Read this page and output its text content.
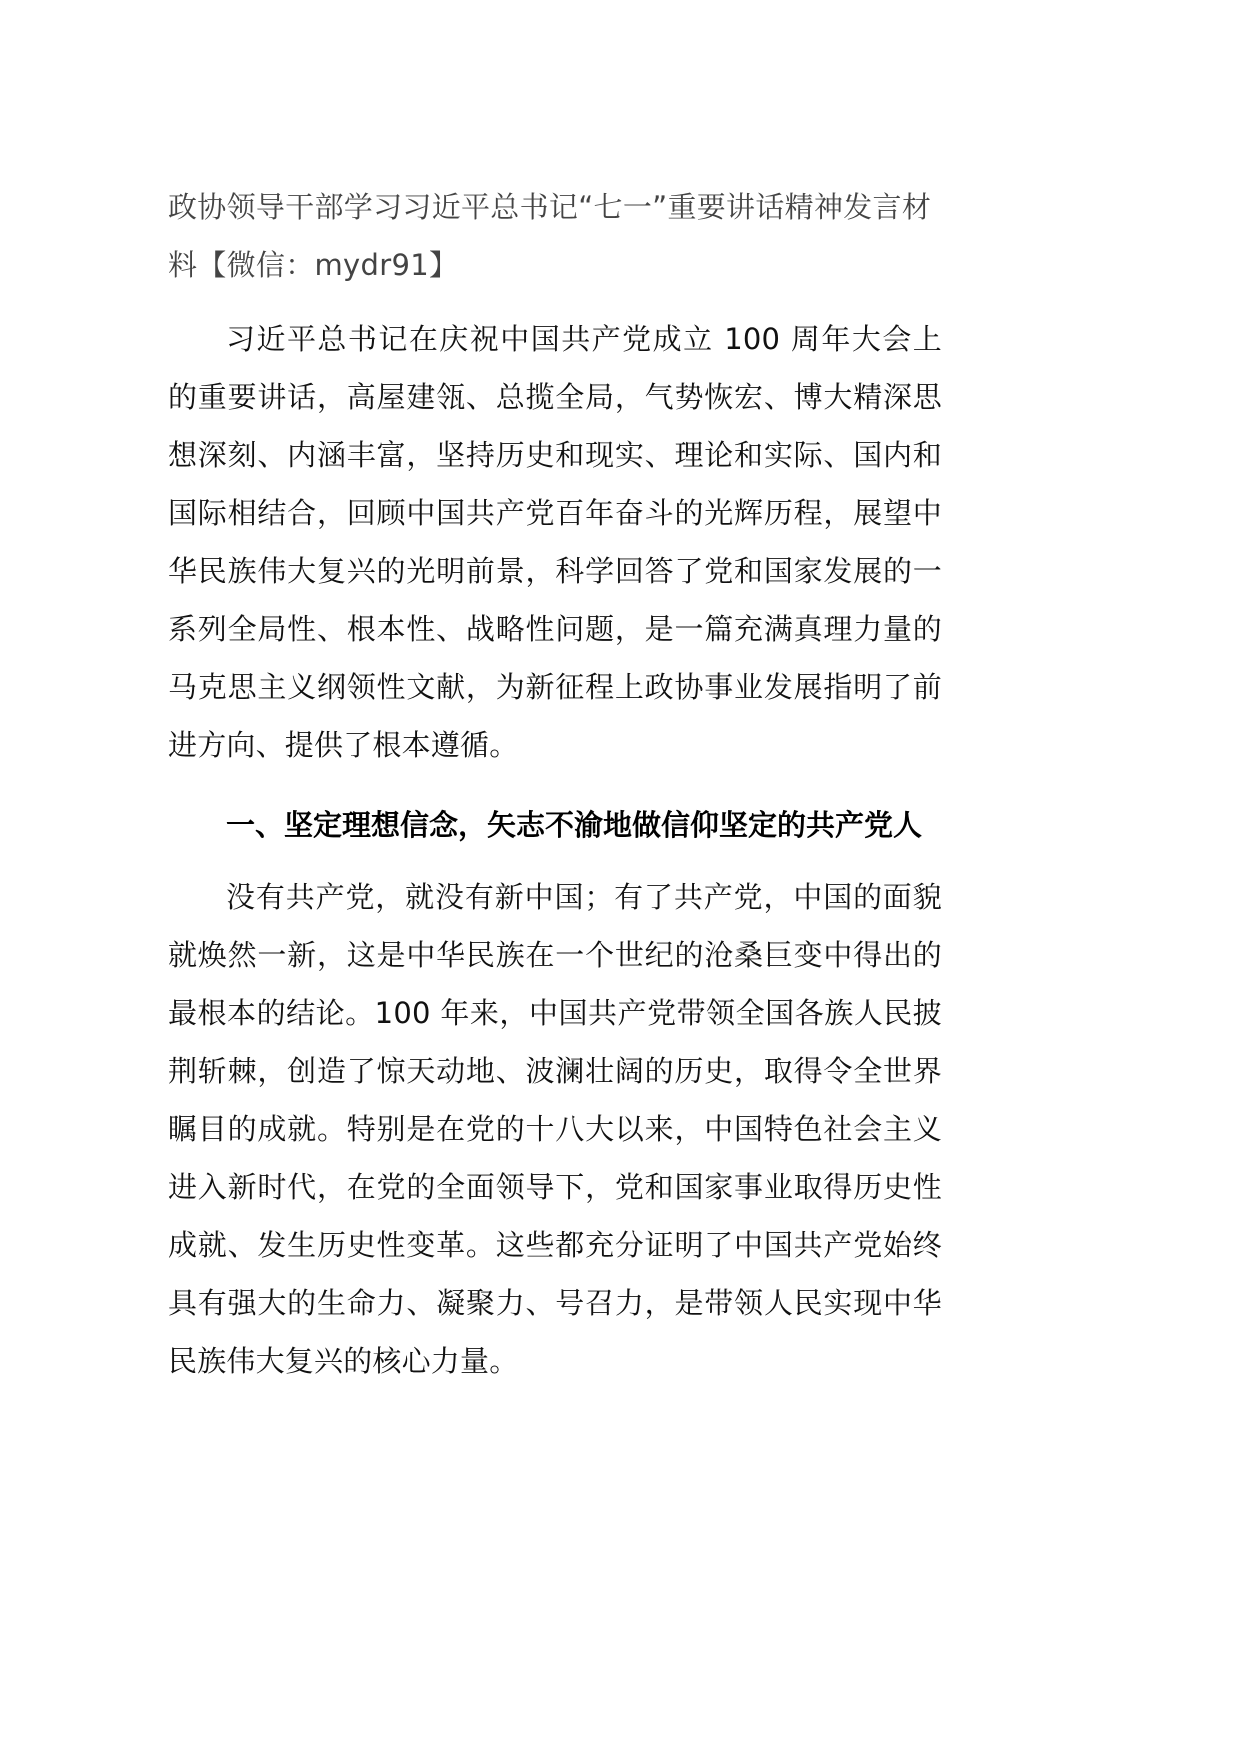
政协领导干部学习习近平总书记“七一”重要讲话精神发言材料【微信：mydr91】

习近平总书记在庆祝中国共产党成立 100 周年大会上的重要讲话，高屋建瓴、总揽全局，气势恢宏、博大精深思想深刻、内涵丰富，坚持历史和现实、理论和实际、国内和国际相结合，回顾中国共产党百年奋斗的光辉历程，展望中华民族伟大复兴的光明前景，科学回答了党和国家发展的一系列全局性、根本性、战略性问题，是一篇充满真理力量的马克思主义纲领性文献，为新征程上政协事业发展指明了前进方向、提供了根本遵循。

一、坚定理想信念，矢志不渝地做信仰坚定的共产党人

没有共产党，就没有新中国；有了共产党，中国的面貌就焕然一新，这是中华民族在一个世纪的沧桑巨变中得出的最根本的结论。100 年来，中国共产党带领全国各族人民披荆斩棘，创造了惊天动地、波澜壮阔的历史，取得令全世界瞩目的成就。特别是在党的十八大以来，中国特色社会主义进入新时代，在党的全面领导下，党和国家事业取得历史性成就、发生历史性变革。这些都充分证明了中国共产党始终具有强大的生命力、凝聚力、号召力，是带领人民实现中华民族伟大复兴的核心力量。
